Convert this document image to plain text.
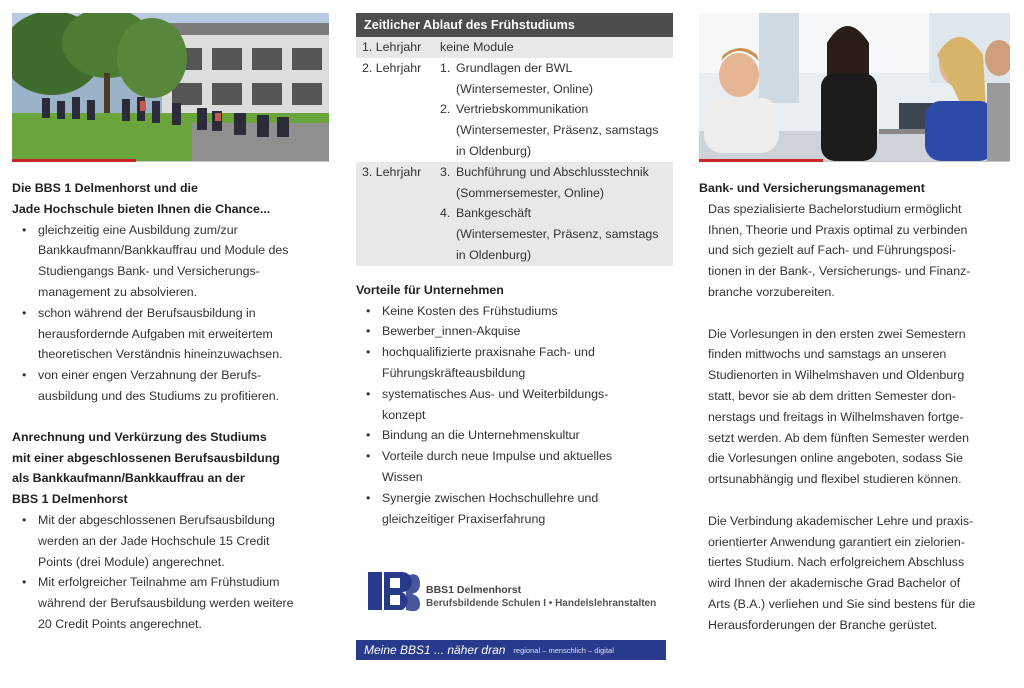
Die BBS 1 Delmenhorst und die
Jade Hochschule bieten Ihnen die Chance...
• gleichzeitig eine Ausbildung zum/zur
Bankkaufmann/Bankkauffrau und Module des
Studiengangs Bank- und Versicherungs-
management zu absolvieren.
• schon während der Berufsausbildung in
herausfordernde Aufgaben mit erweitertem
theoretischen Verständnis hineinzuwachsen.
• von einer engen Verzahnung der Berufs-
ausbildung und des Studiums zu profitieren.
Anrechnung und Verkürzung des Studiums
mit einer abgeschlossenen Berufsausbildung
als Bankkaufmann/Bankkauffrau an der
BBS 1 Delmenhorst
• Mit der abgeschlossenen Berufsausbildung
werden an der Jade Hochschule 15 Credit
Points (drei Module) angerechnet.
• Mit erfolgreicher Teilnahme am Frühstudium
während der Berufsausbildung werden weitere
20 Credit Points angerechnet.
Zeitlicher Ablauf des Frühstudiums
1. Lehrjahr	keine Module
2. Lehrjahr	1. Grundlagen der BWL
(Wintersemester, Online)
2. Vertriebskommunikation
(Wintersemester, Präsenz, samstags
in Oldenburg)
3. Lehrjahr	3. Buchführung und Abschlusstechnik
(Sommersemester, Online)
4. Bankgeschäft
(Wintersemester, Präsenz, samstags
in Oldenburg)
Vorteile für Unternehmen
• Keine Kosten des Frühstudiums
• Bewerber_innen-Akquise
• hochqualifizierte praxisnahe Fach- und
Führungskräfteausbildung
• systematisches Aus- und Weiterbildungs-
konzept
• Bindung an die Unternehmenskultur
• Vorteile durch neue Impulse und aktuelles
Wissen
• Synergie zwischen Hochschullehre und
gleichzeitiger Praxiserfahrung
BBS1 Delmenhorst
Berufsbildende Schulen I • Handelslehranstalten
Meine BBS1 ... näher dran regional – menschlich – digital
Bank- und Versicherungsmanagement

Das spezialisierte Bachelorstudium ermöglicht
Ihnen, Theorie und Praxis optimal zu verbinden
und sich gezielt auf Fach- und Führungsposi-
tionen in der Bank-, Versicherungs- und Finanz-
branche vorzubereiten.

Die Vorlesungen in den ersten zwei Semestern
finden mittwochs und samstags an unseren
Studienorten in Wilhelmshaven und Oldenburg
statt, bevor sie ab dem dritten Semester don-
nerstags und freitags in Wilhelmshaven fortge-
setzt werden. Ab dem fünften Semester werden
die Vorlesungen online angeboten, sodass Sie
ortsunabhängig und flexibel studieren können.

Die Verbindung akademischer Lehre und praxis-
orientierter Anwendung garantiert ein zielorien-
tiertes Studium. Nach erfolgreichem Abschluss
wird Ihnen der akademische Grad Bachelor of
Arts (B.A.) verliehen und Sie sind bestens für die
Herausforderungen der Branche gerüstet.
